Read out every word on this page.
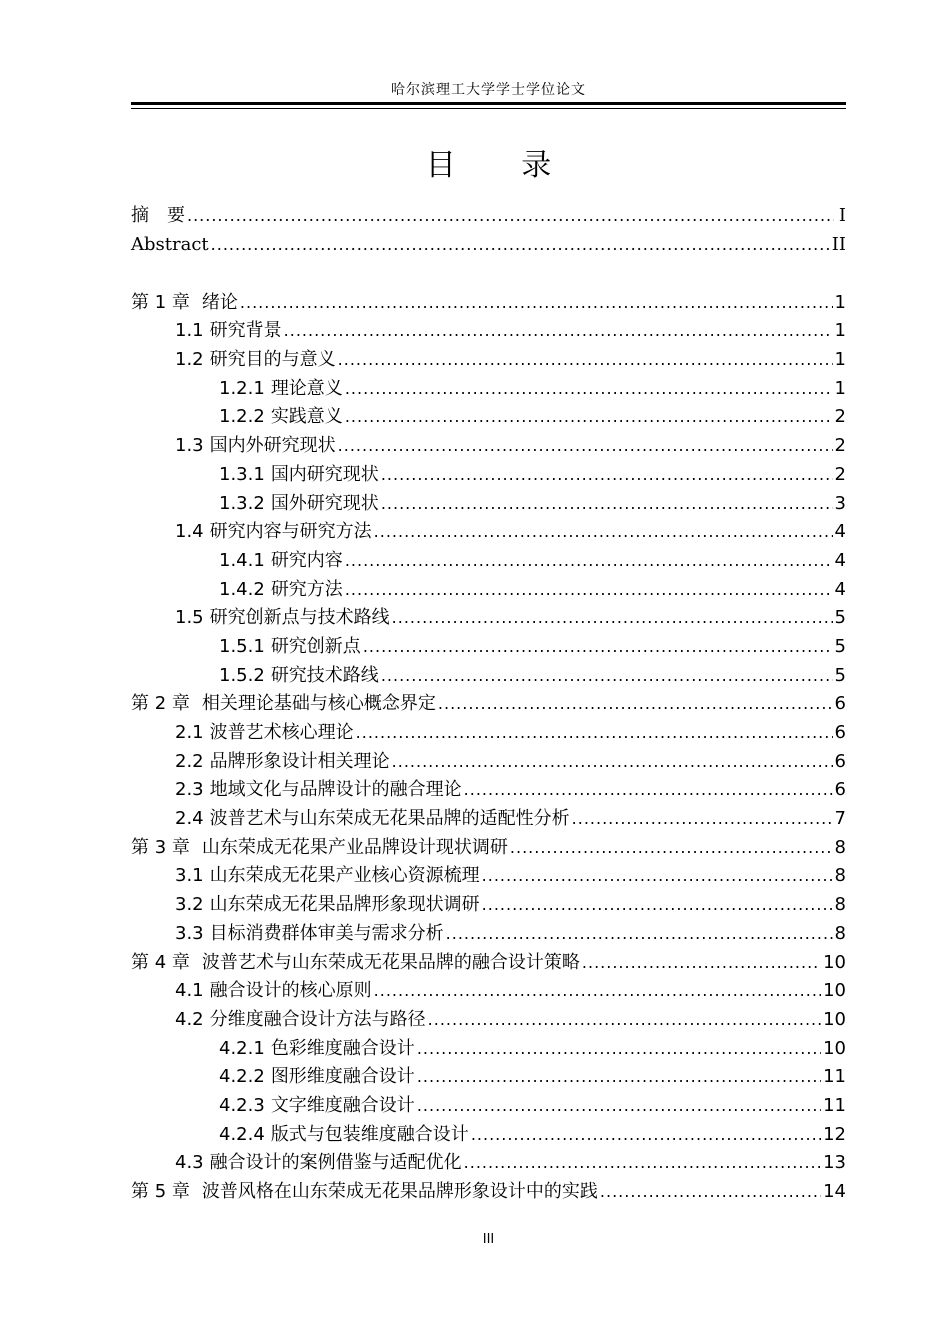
哈尔滨理工大学学士学位论文
目 录
摘　要 .....	I
Abstract .....	II
第 1 章 绪论 .....	1
1.1 研究背景 .....	1
1.2 研究目的与意义 .....	1
1.2.1 理论意义 .....	1
1.2.2 实践意义 .....	2
1.3 国内外研究现状 .....	2
1.3.1 国内研究现状 .....	2
1.3.2 国外研究现状 .....	3
1.4 研究内容与研究方法 .....	4
1.4.1 研究内容 .....	4
1.4.2 研究方法 .....	4
1.5 研究创新点与技术路线 .....	5
1.5.1 研究创新点 .....	5
1.5.2 研究技术路线 .....	5
第 2 章 相关理论基础与核心概念界定 .....	6
2.1 波普艺术核心理论 .....	6
2.2 品牌形象设计相关理论 .....	6
2.3 地域文化与品牌设计的融合理论 .....	6
2.4 波普艺术与山东荣成无花果品牌的适配性分析 .....	7
第 3 章 山东荣成无花果产业品牌设计现状调研 .....	8
3.1 山东荣成无花果产业核心资源梳理 .....	8
3.2 山东荣成无花果品牌形象现状调研 .....	8
3.3 目标消费群体审美与需求分析 .....	8
第 4 章 波普艺术与山东荣成无花果品牌的融合设计策略 .....	10
4.1 融合设计的核心原则 .....	10
4.2 分维度融合设计方法与路径 .....	10
4.2.1 色彩维度融合设计 .....	10
4.2.2 图形维度融合设计 .....	11
4.2.3 文字维度融合设计 .....	11
4.2.4 版式与包装维度融合设计 .....	12
4.3 融合设计的案例借鉴与适配优化 .....	13
第 5 章 波普风格在山东荣成无花果品牌形象设计中的实践 .....	14
III
